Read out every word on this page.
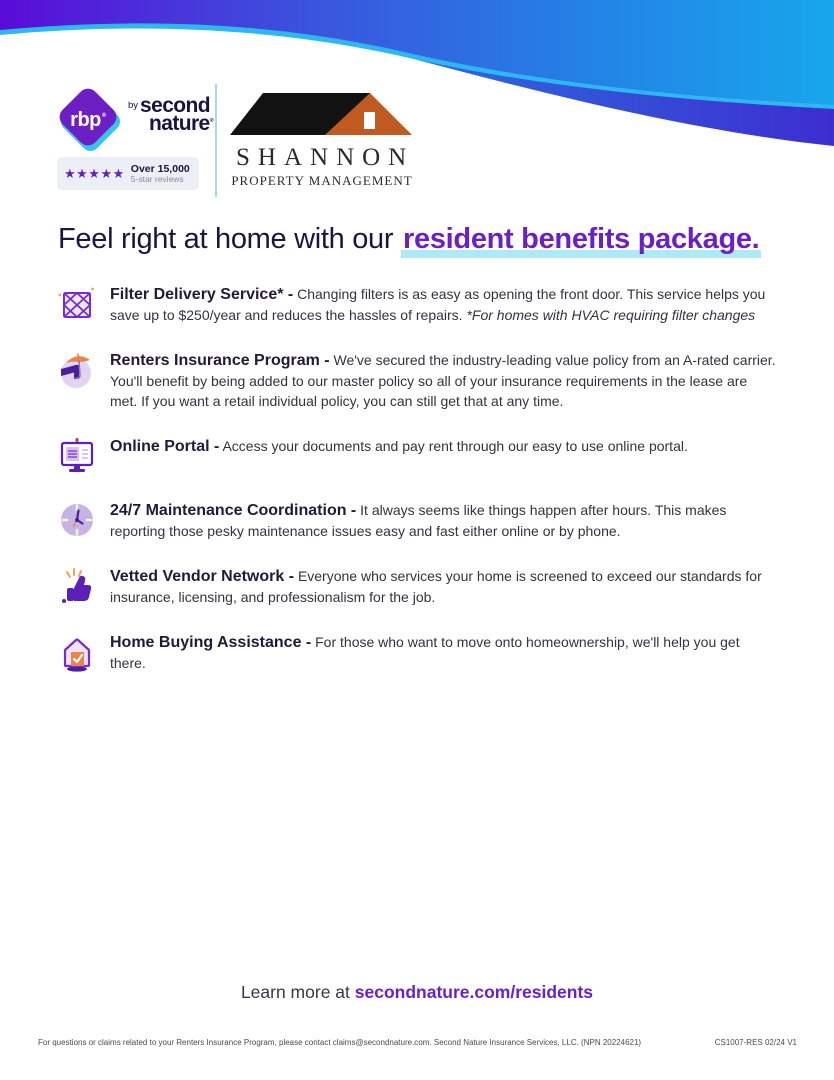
rbp®
by second
nature®
★★★★★ Over 15,000
5-star reviews
SHANNON
PROPERTY MANAGEMENT
Feel right at home with our resident benefits package.

Filter Delivery Service* - Changing filters is as easy as opening the front door. This service helps you save up to $250/year and reduces the hassles of repairs. *For homes with HVAC requiring filter changes

Renters Insurance Program - We've secured the industry-leading value policy from an A-rated carrier. You'll benefit by being added to our master policy so all of your insurance requirements in the lease are met. If you want a retail individual policy, you can still get that at any time.

Online Portal - Access your documents and pay rent through our easy to use online portal.

24/7 Maintenance Coordination - It always seems like things happen after hours. This makes reporting those pesky maintenance issues easy and fast either online or by phone.

Vetted Vendor Network - Everyone who services your home is screened to exceed our standards for insurance, licensing, and professionalism for the job.

Home Buying Assistance - For those who want to move onto homeownership, we'll help you get there.

Learn more at secondnature.com/residents
For questions or claims related to your Renters Insurance Program, please contact claims@secondnature.com. Second Nature Insurance Services, LLC. (NPN 20224621)	CS1007-RES 02/24 V1
